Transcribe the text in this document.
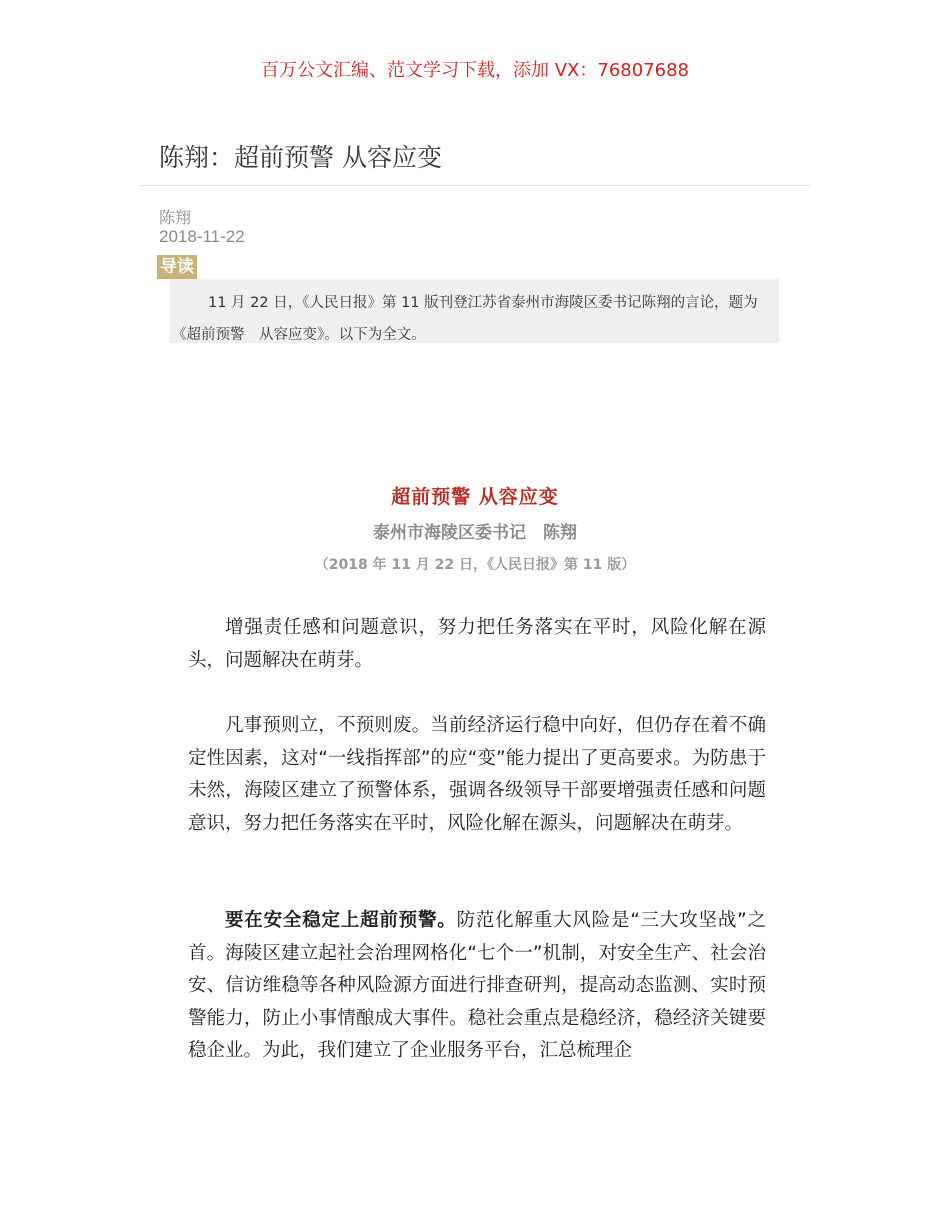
百万公文汇编、范文学习下载，添加 VX：76807688
陈翔：超前预警 从容应变
陈翔
2018-11-22
导读
11 月 22 日，《人民日报》第 11 版刊登江苏省泰州市海陵区委书记陈翔的言论，题为《超前预警　从容应变》。以下为全文。
超前预警 从容应变
泰州市海陵区委书记　陈翔
（2018 年 11 月 22 日，《人民日报》第 11 版）

增强责任感和问题意识，努力把任务落实在平时，风险化解在源头，问题解决在萌芽。

凡事预则立，不预则废。当前经济运行稳中向好，但仍存在着不确定性因素，这对“一线指挥部”的应“变”能力提出了更高要求。为防患于未然，海陵区建立了预警体系，强调各级领导干部要增强责任感和问题意识，努力把任务落实在平时，风险化解在源头，问题解决在萌芽。

要在安全稳定上超前预警。防范化解重大风险是“三大攻坚战”之首。海陵区建立起社会治理网格化“七个一”机制，对安全生产、社会治安、信访维稳等各种风险源方面进行排查研判，提高动态监测、实时预警能力，防止小事情酿成大事件。稳社会重点是稳经济，稳经济关键要稳企业。为此，我们建立了企业服务平台，汇总梳理企
